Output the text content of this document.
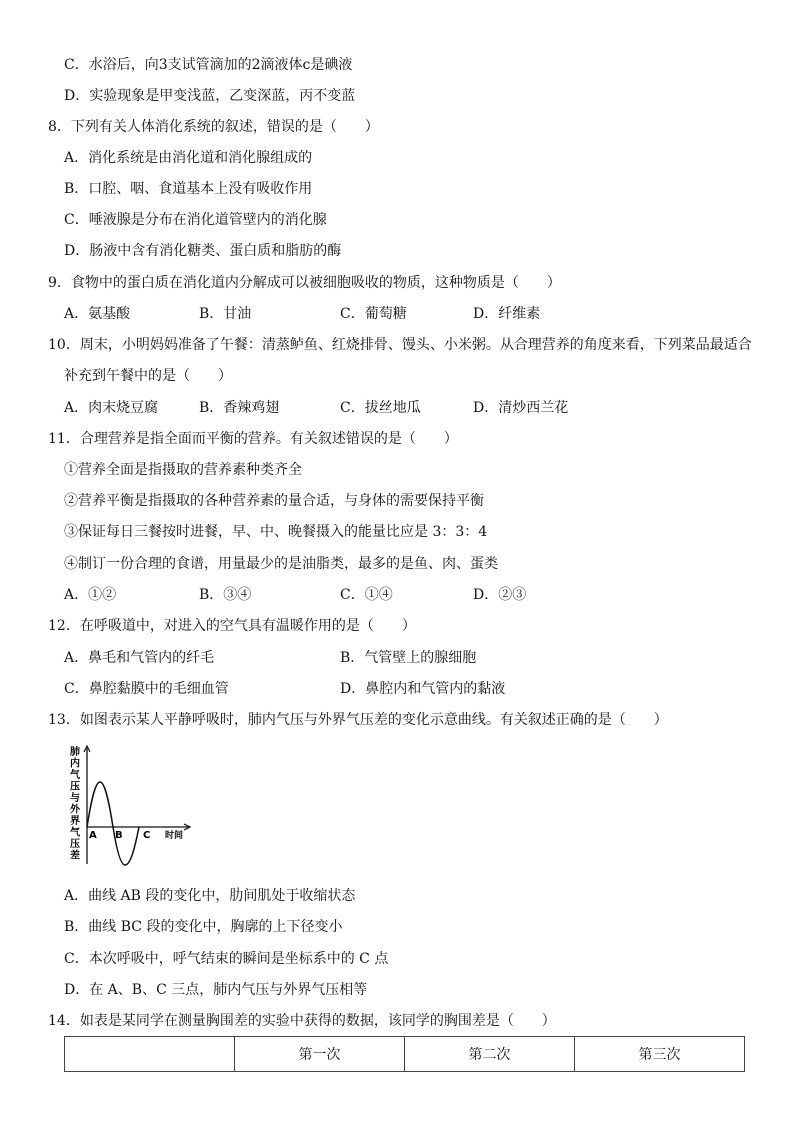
C．水浴后，向3支试管滴加的2滴液体c是碘液
D．实验现象是甲变浅蓝，乙变深蓝，丙不变蓝
8．下列有关人体消化系统的叙述，错误的是（　　）
A．消化系统是由消化道和消化腺组成的
B．口腔、咽、食道基本上没有吸收作用
C．唾液腺是分布在消化道管壁内的消化腺
D．肠液中含有消化糖类、蛋白质和脂肪的酶
9．食物中的蛋白质在消化道内分解成可以被细胞吸收的物质，这种物质是（　　）
A．氨基酸	B．甘油	C．葡萄糖	D．纤维素
10．周末，小明妈妈准备了午餐：清蒸鲈鱼、红烧排骨、馒头、小米粥。从合理营养的角度来看，下列菜品最适合
补充到午餐中的是（　　）
A．肉末烧豆腐	B．香辣鸡翅	C．拔丝地瓜	D．清炒西兰花
11．合理营养是指全面而平衡的营养。有关叙述错误的是（　　）
①营养全面是指摄取的营养素种类齐全
②营养平衡是指摄取的各种营养素的量合适，与身体的需要保持平衡
③保证每日三餐按时进餐，早、中、晚餐摄入的能量比应是 3：3：4
④制订一份合理的食谱，用量最少的是油脂类，最多的是鱼、肉、蛋类
A．①②	B．③④	C．①④	D．②③
12．在呼吸道中，对进入的空气具有温暖作用的是（　　）
A．鼻毛和气管内的纤毛	B．气管壁上的腺细胞
C．鼻腔黏膜中的毛细血管	D．鼻腔内和气管内的黏液
13．如图表示某人平静呼吸时，肺内气压与外界气压差的变化示意曲线。有关叙述正确的是（　　）
肺内气压与外界气压差
A B C 时间
A．曲线 AB 段的变化中，肋间肌处于收缩状态
B．曲线 BC 段的变化中，胸廓的上下径变小
C．本次呼吸中，呼气结束的瞬间是坐标系中的 C 点
D．在 A、B、C 三点，肺内气压与外界气压相等
14．如表是某同学在测量胸围差的实验中获得的数据，该同学的胸围差是（　　）
	第一次	第二次	第三次
